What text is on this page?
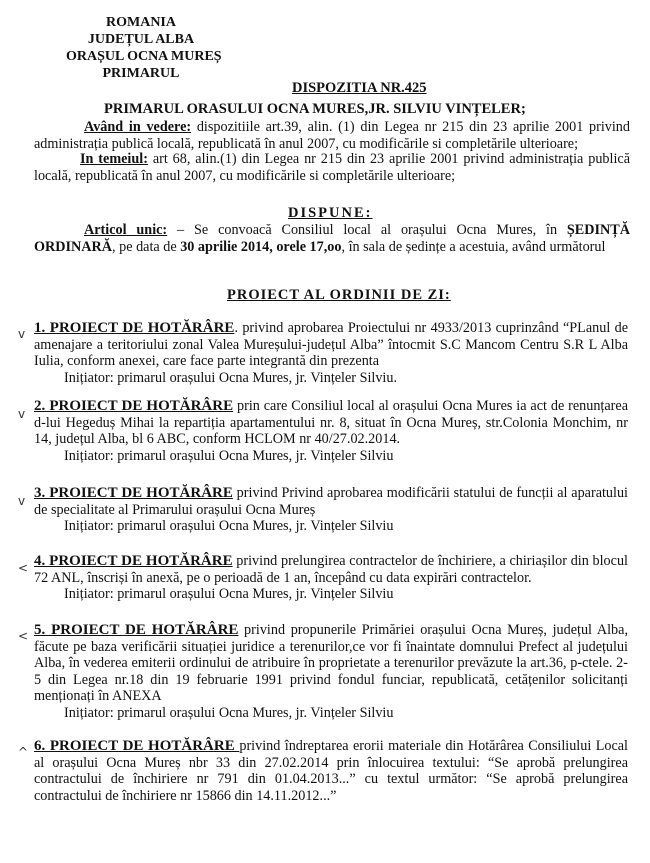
ROMANIA
JUDEȚUL ALBA
ORAȘUL OCNA MUREȘ
PRIMARUL
DISPOZITIA NR.425
PRIMARUL ORASULUI OCNA MURES,JR. SILVIU VINȚELER;
Având in vedere: dispozitiile art.39, alin. (1) din Legea nr 215 din 23 aprilie 2001 privind administrația publică locală, republicată în anul 2007, cu modificările si completările ulterioare;
In temeiul: art 68, alin.(1) din Legea nr 215 din 23 aprilie 2001 privind administrația publică locală, republicată în anul 2007, cu modificările si completările ulterioare;
DISPUNE:
Articol unic: – Se convoacă Consiliul local al orașului Ocna Mures, în ȘEDINȚĂ ORDINARĂ, pe data de 30 aprilie 2014, orele 17,oo, în sala de ședințe a acestuia, având următorul
PROIECT AL ORDINII DE ZI:
v 1. PROIECT DE HOTĂRÂRE. privind aprobarea Proiectului nr 4933/2013 cuprinzând “PLanul de amenajare a teritoriului zonal Valea Mureșului-județul Alba” întocmit S.C Mancom Centru S.R L Alba Iulia, conform anexei, care face parte integrantă din prezenta
Inițiator: primarul orașului Ocna Mures, jr. Vințeler Silviu.
v 2. PROIECT DE HOTĂRÂRE prin care Consiliul local al orașului Ocna Mures ia act de renunțarea d-lui Hegeduș Mihai la repartiția apartamentului nr. 8, situat în Ocna Mureș, str.Colonia Monchim, nr 14, județul Alba, bl 6 ABC, conform HCLOM nr 40/27.02.2014.
Inițiator: primarul orașului Ocna Mures, jr. Vințeler Silviu
v 3. PROIECT DE HOTĂRÂRE privind Privind aprobarea modificării statului de funcții al aparatului de specialitate al Primarului orașului Ocna Mureș
Inițiator: primarul orașului Ocna Mures, jr. Vințeler Silviu
< 4. PROIECT DE HOTĂRÂRE privind prelungirea contractelor de închiriere, a chiriașilor din blocul 72 ANL, înscriși în anexă, pe o perioadă de 1 an, începând cu data expirări contractelor.
Inițiator: primarul orașului Ocna Mures, jr. Vințeler Silviu
< 5. PROIECT DE HOTĂRÂRE privind propunerile Primăriei orașului Ocna Mureș, județul Alba, făcute pe baza verificării situației juridice a terenurilor,ce vor fi înaintate domnului Prefect al județului Alba, în vederea emiterii ordinului de atribuire în proprietate a terenurilor prevăzute la art.36, p-ctele. 2-5 din Legea nr.18 din 19 februarie 1991 privind fondul funciar, republicată, cetățenilor solicitanți menționați în ANEXA
Inițiator: primarul orașului Ocna Mures, jr. Vințeler Silviu
^ 6. PROIECT DE HOTĂRÂRE privind îndreptarea erorii materiale din Hotărârea Consiliului Local al orașului Ocna Mureș nbr 33 din 27.02.2014 prin înlocuirea textului: “Se aprobă prelungirea contractului de închiriere nr 791 din 01.04.2013...” cu textul următor: “Se aprobă prelungirea contractului de închiriere nr 15866 din 14.11.2012...”
